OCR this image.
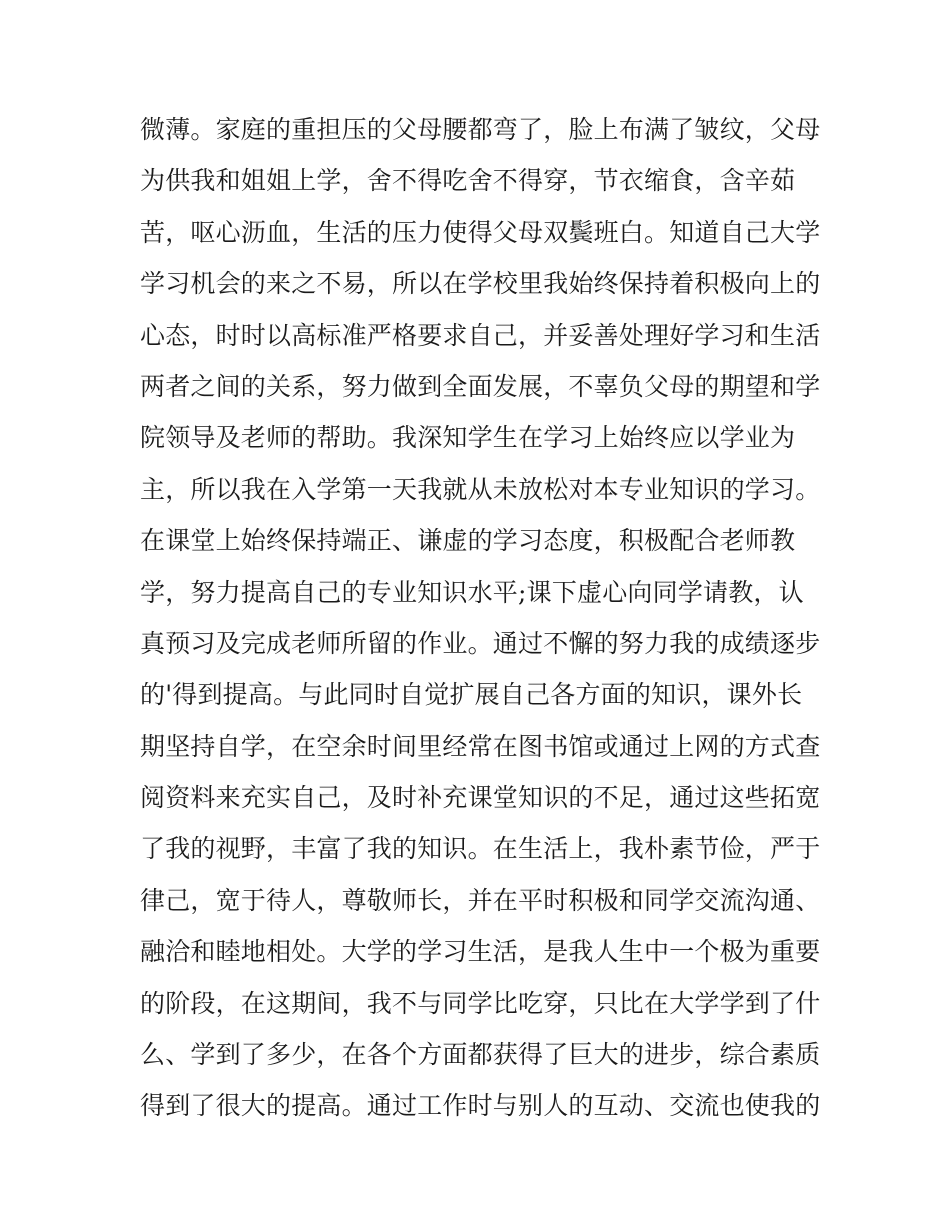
微薄。家庭的重担压的父母腰都弯了，脸上布满了皱纹，父母
为供我和姐姐上学，舍不得吃舍不得穿，节衣缩食，含辛茹
苦，呕心沥血，生活的压力使得父母双鬓班白。知道自己大学
学习机会的来之不易，所以在学校里我始终保持着积极向上的
心态，时时以高标准严格要求自己，并妥善处理好学习和生活
两者之间的关系，努力做到全面发展，不辜负父母的期望和学
院领导及老师的帮助。我深知学生在学习上始终应以学业为
主，所以我在入学第一天我就从未放松对本专业知识的学习。
在课堂上始终保持端正、谦虚的学习态度，积极配合老师教
学，努力提高自己的专业知识水平;课下虚心向同学请教，认
真预习及完成老师所留的作业。通过不懈的努力我的成绩逐步
的'得到提高。与此同时自觉扩展自己各方面的知识，课外长
期坚持自学，在空余时间里经常在图书馆或通过上网的方式查
阅资料来充实自己，及时补充课堂知识的不足，通过这些拓宽
了我的视野，丰富了我的知识。在生活上，我朴素节俭，严于
律己，宽于待人，尊敬师长，并在平时积极和同学交流沟通、
融洽和睦地相处。大学的学习生活，是我人生中一个极为重要
的阶段，在这期间，我不与同学比吃穿，只比在大学学到了什
么、学到了多少，在各个方面都获得了巨大的进步，综合素质
得到了很大的提高。通过工作时与别人的互动、交流也使我的
